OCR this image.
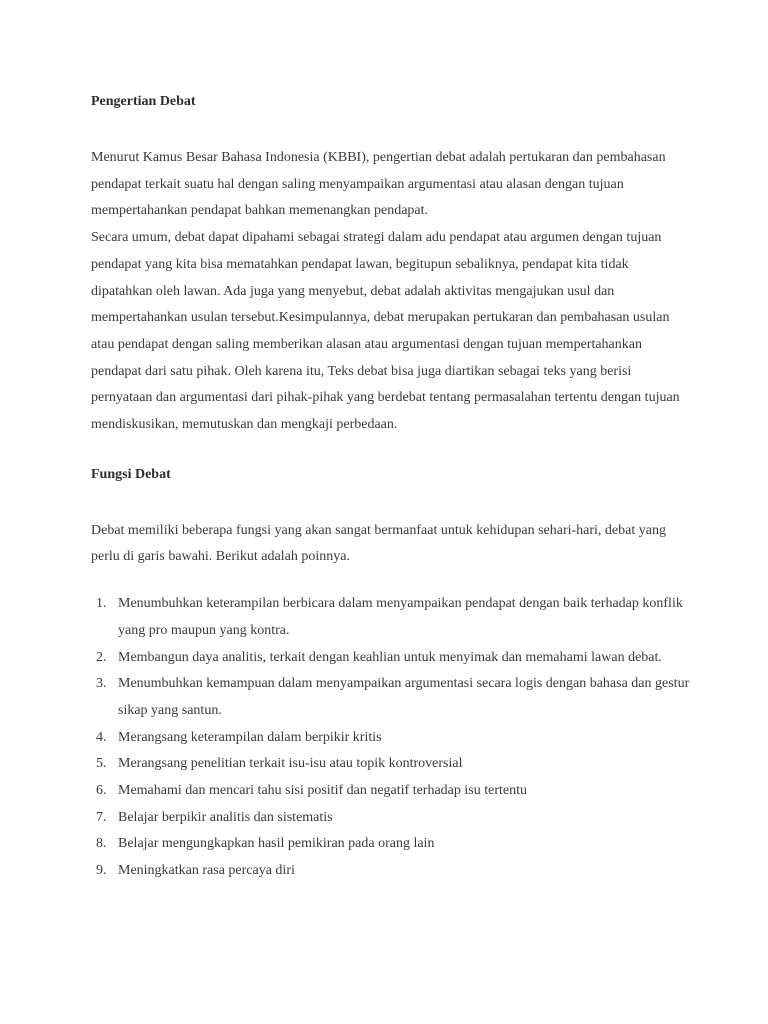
Pengertian Debat

Menurut Kamus Besar Bahasa Indonesia (KBBI), pengertian debat adalah pertukaran dan pembahasan pendapat terkait suatu hal dengan saling menyampaikan argumentasi atau alasan dengan tujuan mempertahankan pendapat bahkan memenangkan pendapat.

Secara umum, debat dapat dipahami sebagai strategi dalam adu pendapat atau argumen dengan tujuan pendapat yang kita bisa mematahkan pendapat lawan, begitupun sebaliknya, pendapat kita tidak dipatahkan oleh lawan. Ada juga yang menyebut, debat adalah aktivitas mengajukan usul dan mempertahankan usulan tersebut.Kesimpulannya, debat merupakan pertukaran dan pembahasan usulan atau pendapat dengan saling memberikan alasan atau argumentasi dengan tujuan mempertahankan pendapat dari satu pihak. Oleh karena itu, Teks debat bisa juga diartikan sebagai teks yang berisi pernyataan dan argumentasi dari pihak-pihak yang berdebat tentang permasalahan tertentu dengan tujuan mendiskusikan, memutuskan dan mengkaji perbedaan.

Fungsi Debat

Debat memiliki beberapa fungsi yang akan sangat bermanfaat untuk kehidupan sehari-hari, debat yang perlu di garis bawahi. Berikut adalah poinnya.

1. Menumbuhkan keterampilan berbicara dalam menyampaikan pendapat dengan baik terhadap konflik yang pro maupun yang kontra.
2. Membangun daya analitis, terkait dengan keahlian untuk menyimak dan memahami lawan debat.
3. Menumbuhkan kemampuan dalam menyampaikan argumentasi secara logis dengan bahasa dan gestur sikap yang santun.
4. Merangsang keterampilan dalam berpikir kritis
5. Merangsang penelitian terkait isu-isu atau topik kontroversial
6. Memahami dan mencari tahu sisi positif dan negatif terhadap isu tertentu
7. Belajar berpikir analitis dan sistematis
8. Belajar mengungkapkan hasil pemikiran pada orang lain
9. Meningkatkan rasa percaya diri
